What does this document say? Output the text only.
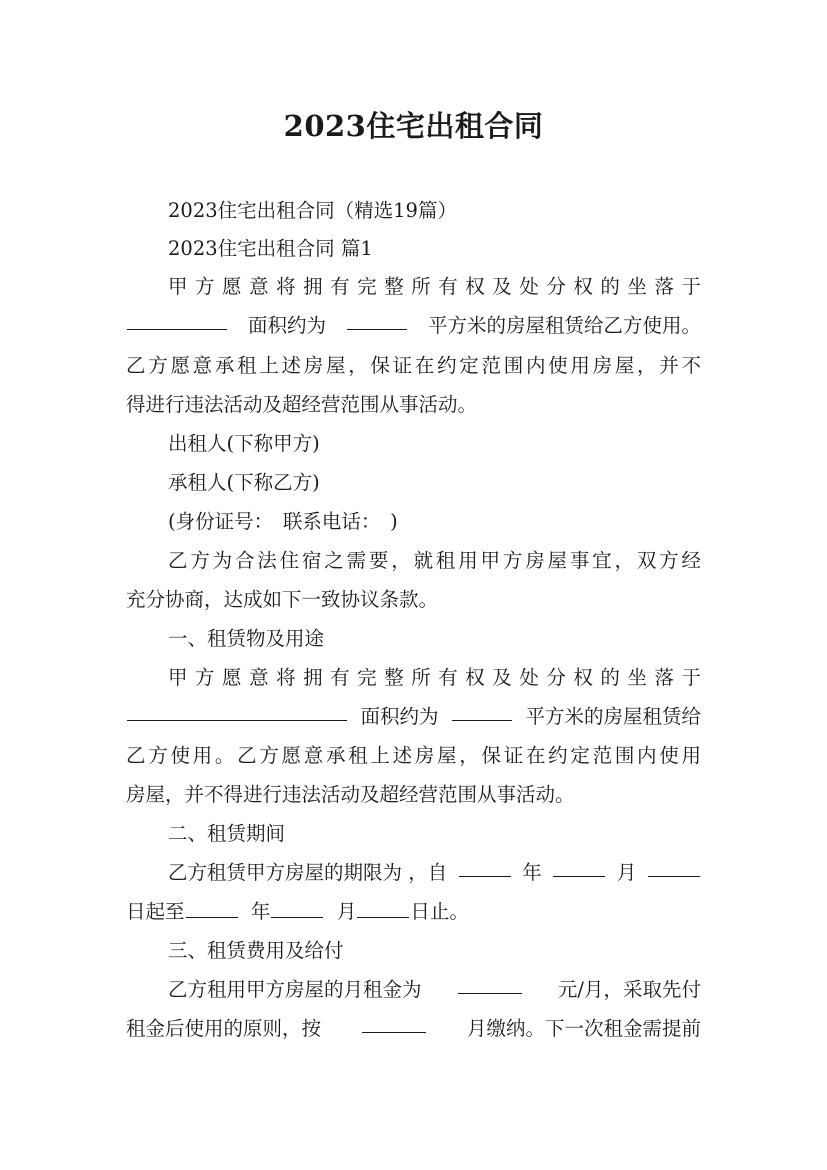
2023住宅出租合同
2023住宅出租合同（精选19篇）
2023住宅出租合同 篇1
甲方愿意将拥有完整所有权及处分权的坐落于
面积约为	平方米的房屋租赁给乙方使用。
乙方愿意承租上述房屋，保证在约定范围内使用房屋，并不
得进行违法活动及超经营范围从事活动。
出租人(下称甲方)
承租人(下称乙方)
(身份证号：　联系电话：　)
乙方为合法住宿之需要，就租用甲方房屋事宜，双方经
充分协商，达成如下一致协议条款。
一、租赁物及用途
甲方愿意将拥有完整所有权及处分权的坐落于
面积约为	平方米的房屋租赁给
乙方使用。乙方愿意承租上述房屋，保证在约定范围内使用
房屋，并不得进行违法活动及超经营范围从事活动。
二、租赁期间
乙方租赁甲方房屋的期限为 ，自	年	月
日起至	年	月	日止。
三、租赁费用及给付
乙方租用甲方房屋的月租金为	元/月，采取先付
租金后使用的原则，按	月缴纳。下一次租金需提前
